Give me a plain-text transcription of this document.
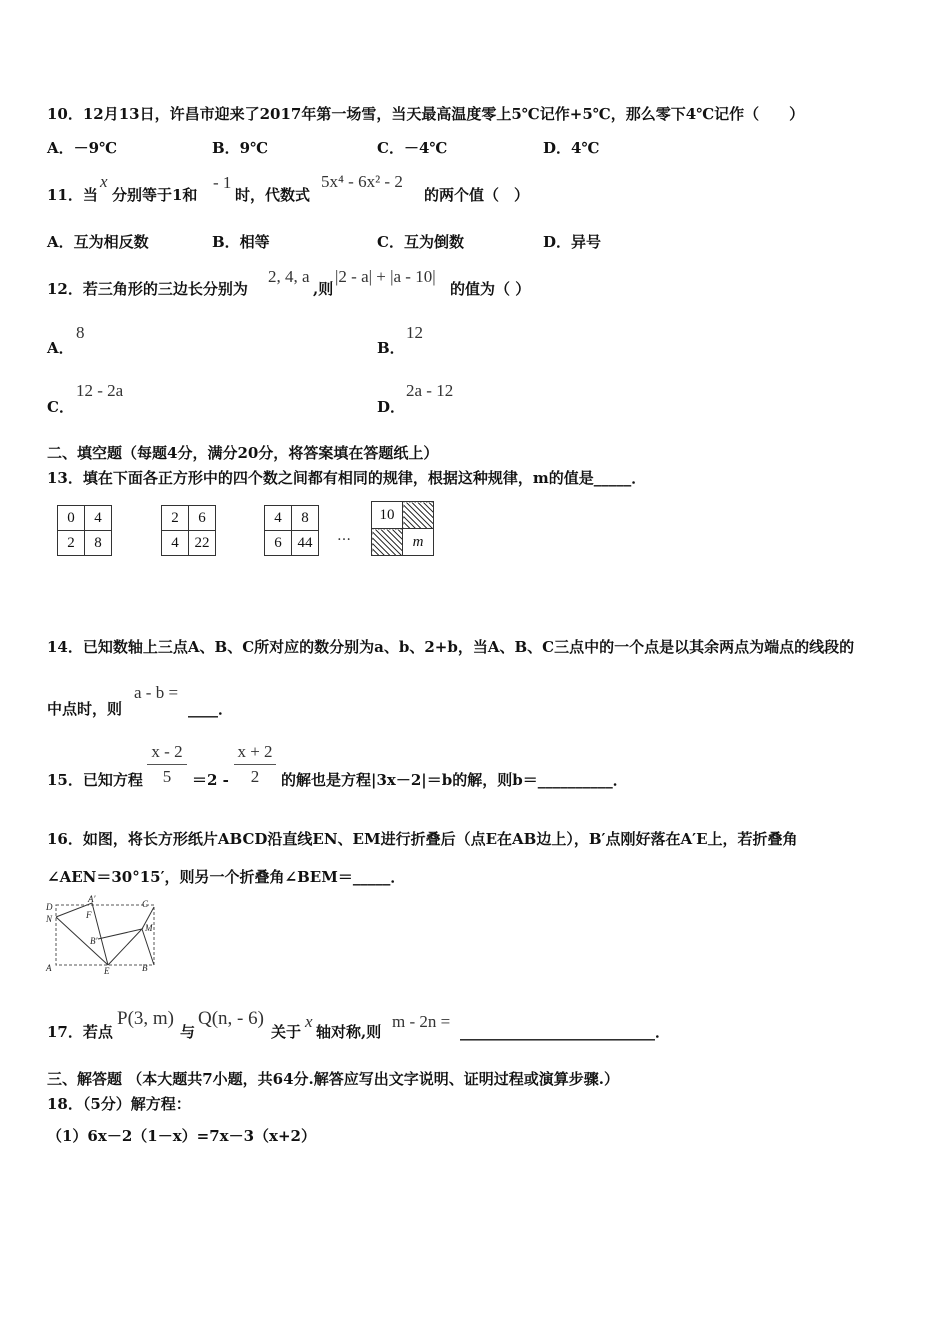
10．12月13日，许昌市迎来了2017年第一场雪，当天最高温度零上5℃记作+5℃，那么零下4℃记作（　　）
A．－9℃	B．9℃	C．－4℃	D．4℃
11．当
x
分别等于1和
- 1
时，代数式
5x⁴ - 6x² - 2
的两个值（　）
A．互为相反数	B．相等	C．互为倒数	D．异号
12．若三角形的三边长分别为
2, 4, a
,则
|2 - a| + |a - 10|
的值为（ ）
A．
8
B．
12
C．
12 - 2a
D．
2a - 12
二、填空题（每题4分，满分20分，将答案填在答题纸上）
13．填在下面各正方形中的四个数之间都有相同的规律，根据这种规律，m的值是_____．
0	4
2	8
2	6
4	22
4	8
6	44 …
10	
	m
14．已知数轴上三点A、B、C所对应的数分别为a、b、2+b，当A、B、C三点中的一个点是以其余两点为端点的线段的
中点时，则
a - b =
____．
15．已知方程 $\frac{x - 2}{5} =2 - \frac{x + 2}{2}$ 的解也是方程|3x－2|＝b的解，则b＝__________．
16．如图，将长方形纸片ABCD沿直线EN、EM进行折叠后（点E在AB边上），B′点刚好落在A′E上，若折叠角
∠AEN＝30°15′，则另一个折叠角∠BEM＝_____．
D
N
A′
F
C
M
B′
A	E	B
17．若点
P(3, m)
与
Q(n, - 6)
关于
x
轴对称,则
m - 2n =
__________________________．
三、解答题 （本大题共7小题，共64分.解答应写出文字说明、证明过程或演算步骤.）
18．（5分）解方程：
（1）6x－2（1－x）=7x－3（x+2）
